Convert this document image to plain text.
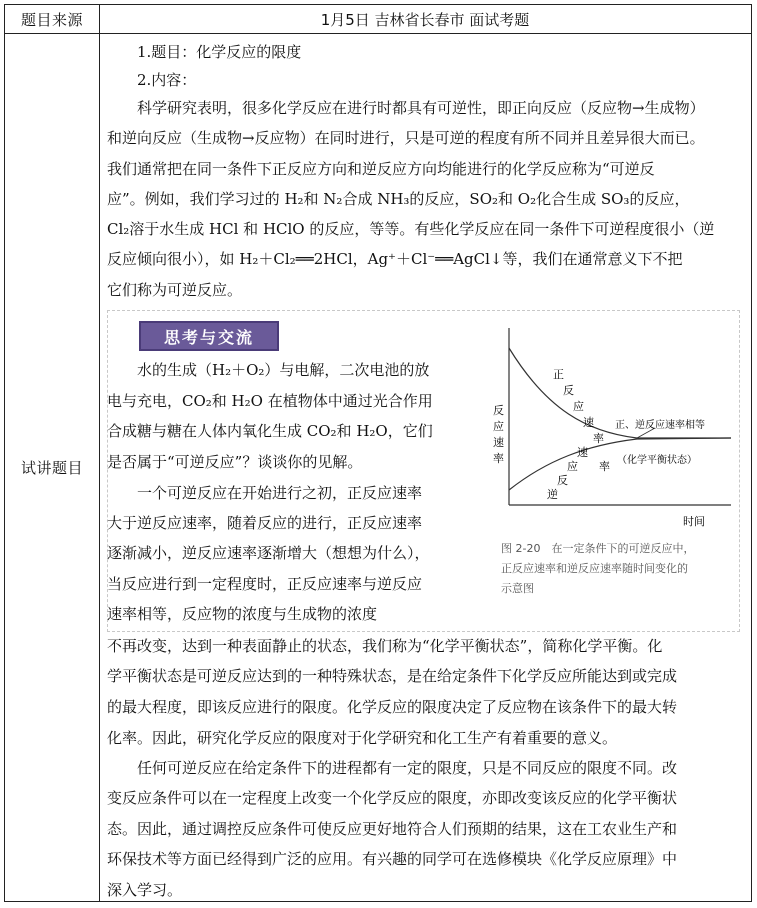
题目来源	1月5日 吉林省长春市 面试考题
试讲题目
1.题目：化学反应的限度
2.内容：
科学研究表明，很多化学反应在进行时都具有可逆性，即正向反应（反应物→生成物）
和逆向反应（生成物→反应物）在同时进行，只是可逆的程度有所不同并且差异很大而已。
我们通常把在同一条件下正反应方向和逆反应方向均能进行的化学反应称为“可逆反
应”。例如，我们学习过的 H₂和 N₂合成 NH₃的反应，SO₂和 O₂化合生成 SO₃的反应，
Cl₂溶于水生成 HCl 和 HClO 的反应，等等。有些化学反应在同一条件下可逆程度很小（逆
反应倾向很小），如 H₂＋Cl₂══2HCl，Ag⁺＋Cl⁻══AgCl↓等，我们在通常意义下不把
它们称为可逆反应。
思考与交流
水的生成（H₂＋O₂）与电解，二次电池的放
电与充电，CO₂和 H₂O 在植物体中通过光合作用
合成糖与糖在人体内氧化生成 CO₂和 H₂O，它们
是否属于“可逆反应”？谈谈你的见解。
一个可逆反应在开始进行之初，正反应速率
大于逆反应速率，随着反应的进行，正反应速率
逐渐减小，逆反应速率逐渐增大（想想为什么），
当反应进行到一定程度时，正反应速率与逆反应
速率相等，反应物的浓度与生成物的浓度
反
应
速
率
正
反
应
速
率
逆
反
应
速
率
正、逆反应速率相等
（化学平衡状态）
时间
图 2-20　在一定条件下的可逆反应中，
正反应速率和逆反应速率随时间变化的
示意图
不再改变，达到一种表面静止的状态，我们称为“化学平衡状态”，简称化学平衡。化
学平衡状态是可逆反应达到的一种特殊状态，是在给定条件下化学反应所能达到或完成
的最大程度，即该反应进行的限度。化学反应的限度决定了反应物在该条件下的最大转
化率。因此，研究化学反应的限度对于化学研究和化工生产有着重要的意义。
任何可逆反应在给定条件下的进程都有一定的限度，只是不同反应的限度不同。改
变反应条件可以在一定程度上改变一个化学反应的限度，亦即改变该反应的化学平衡状
态。因此，通过调控反应条件可使反应更好地符合人们预期的结果，这在工农业生产和
环保技术等方面已经得到广泛的应用。有兴趣的同学可在选修模块《化学反应原理》中
深入学习。
